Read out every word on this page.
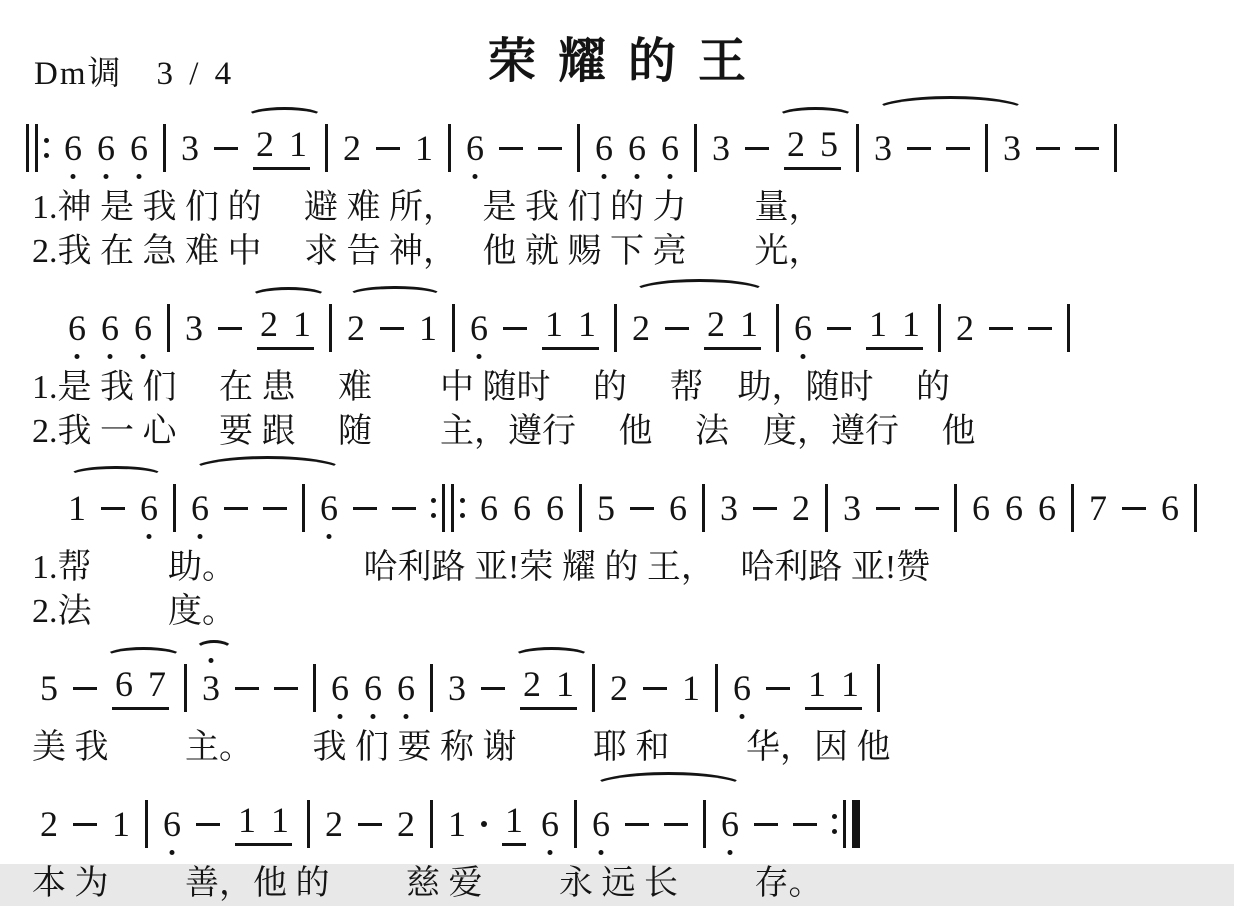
荣耀的王
Dm调 3 / 4
6 6 6 3 2 1 2 1 6	6 6 6 3 2 5 3	3
1.神 是 我 们 的　 避 难 所，　 是 我 们 的 力　　量，
2.我 在 急 难 中　 求 告 神，　 他 就 赐 下 亮　　光，
6 6 6 3 2 1 2 1 6 1 1 2 2 1 6 1 1 2
1.是 我 们　 在 患　 难　　中 随时　 的　 帮　助，随时　 的
2.我 一 心　 要 跟　 随　　主，遵行　 他　 法　度，遵行　 他
1 6 6	6	6 6 6 5 6 3 2 3	6 6 6 7 6
1.帮　　 助。　　　　 哈利路 亚!荣 耀 的 王，　 哈利路 亚!赞
2.法　　 度。
5 6 7 3	6 6 6 3 2 1 2 1 6 1 1
美 我　　 主。　　 我 们 要 称 谢　　 耶 和　　 华，因 他
2 1 6 1 1 2 2 1 1 6 6	6
本 为　　 善，他 的　　 慈 爱　　 永 远 长　　 存。
